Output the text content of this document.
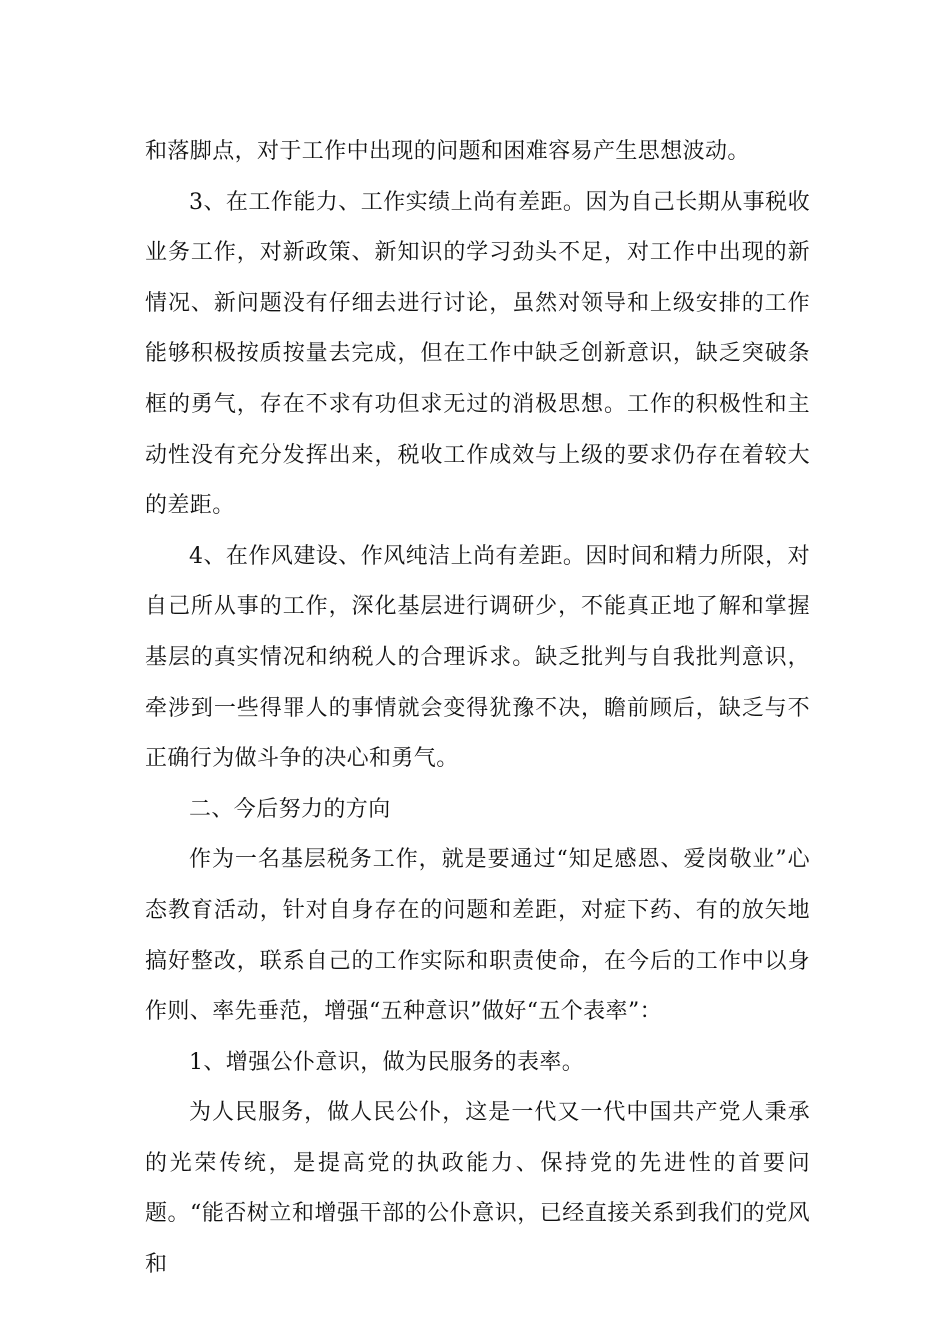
和落脚点，对于工作中出现的问题和困难容易产生思想波动。

3、在工作能力、工作实绩上尚有差距。因为自己长期从事税收业务工作，对新政策、新知识的学习劲头不足，对工作中出现的新情况、新问题没有仔细去进行讨论，虽然对领导和上级安排的工作能够积极按质按量去完成，但在工作中缺乏创新意识，缺乏突破条框的勇气，存在不求有功但求无过的消极思想。工作的积极性和主动性没有充分发挥出来，税收工作成效与上级的要求仍存在着较大的差距。

4、在作风建设、作风纯洁上尚有差距。因时间和精力所限，对自己所从事的工作，深化基层进行调研少，不能真正地了解和掌握基层的真实情况和纳税人的合理诉求。缺乏批判与自我批判意识，牵涉到一些得罪人的事情就会变得犹豫不决，瞻前顾后，缺乏与不正确行为做斗争的决心和勇气。

二、今后努力的方向

作为一名基层税务工作，就是要通过“知足感恩、爱岗敬业”心态教育活动，针对自身存在的问题和差距，对症下药、有的放矢地搞好整改，联系自己的工作实际和职责使命，在今后的工作中以身作则、率先垂范，增强“五种意识”做好“五个表率”：

1、增强公仆意识，做为民服务的表率。

为人民服务，做人民公仆，这是一代又一代中国共产党人秉承的光荣传统，是提高党的执政能力、保持党的先进性的首要问题。“能否树立和增强干部的公仆意识，已经直接关系到我们的党风和
